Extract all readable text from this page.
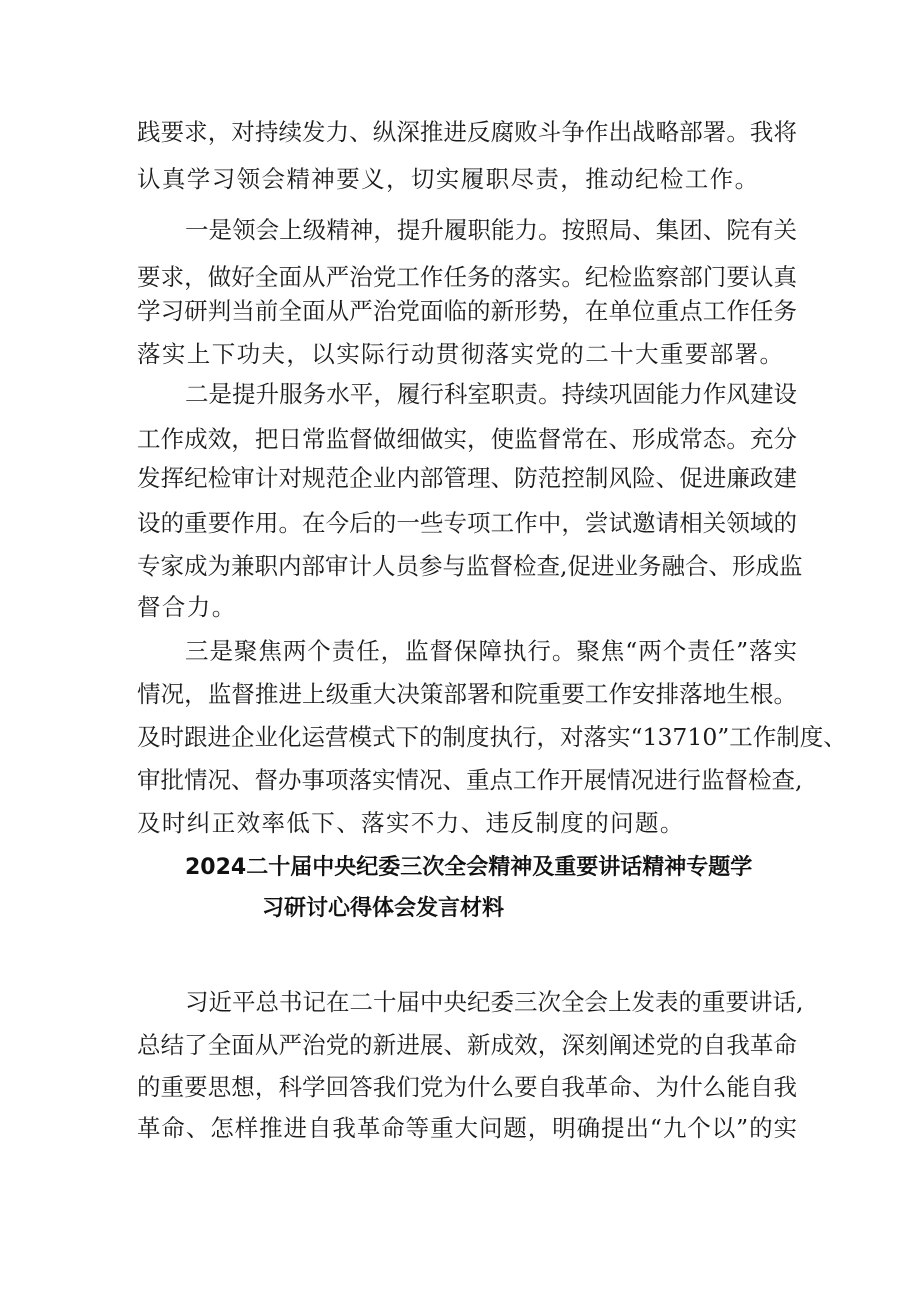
践要求，对持续发力、纵深推进反腐败斗争作出战略部署。我将
认真学习领会精神要义，切实履职尽责，推动纪检工作。
一是领会上级精神，提升履职能力。按照局、集团、院有关
要求，做好全面从严治党工作任务的落实。纪检监察部门要认真
学习研判当前全面从严治党面临的新形势，在单位重点工作任务
落实上下功夫，以实际行动贯彻落实党的二十大重要部署。
二是提升服务水平，履行科室职责。持续巩固能力作风建设
工作成效，把日常监督做细做实，使监督常在、形成常态。充分
发挥纪检审计对规范企业内部管理、防范控制风险、促进廉政建
设的重要作用。在今后的一些专项工作中，尝试邀请相关领域的
专家成为兼职内部审计人员参与监督检查,促进业务融合、形成监
督合力。
三是聚焦两个责任，监督保障执行。聚焦“两个责任”落实
情况，监督推进上级重大决策部署和院重要工作安排落地生根。
及时跟进企业化运营模式下的制度执行，对落实“13710”工作制度、
审批情况、督办事项落实情况、重点工作开展情况进行监督检查,
及时纠正效率低下、落实不力、违反制度的问题。
2024二十届中央纪委三次全会精神及重要讲话精神专题学
习研讨心得体会发言材料
习近平总书记在二十届中央纪委三次全会上发表的重要讲话,
总结了全面从严治党的新进展、新成效，深刻阐述党的自我革命
的重要思想，科学回答我们党为什么要自我革命、为什么能自我
革命、怎样推进自我革命等重大问题，明确提出“九个以”的实
